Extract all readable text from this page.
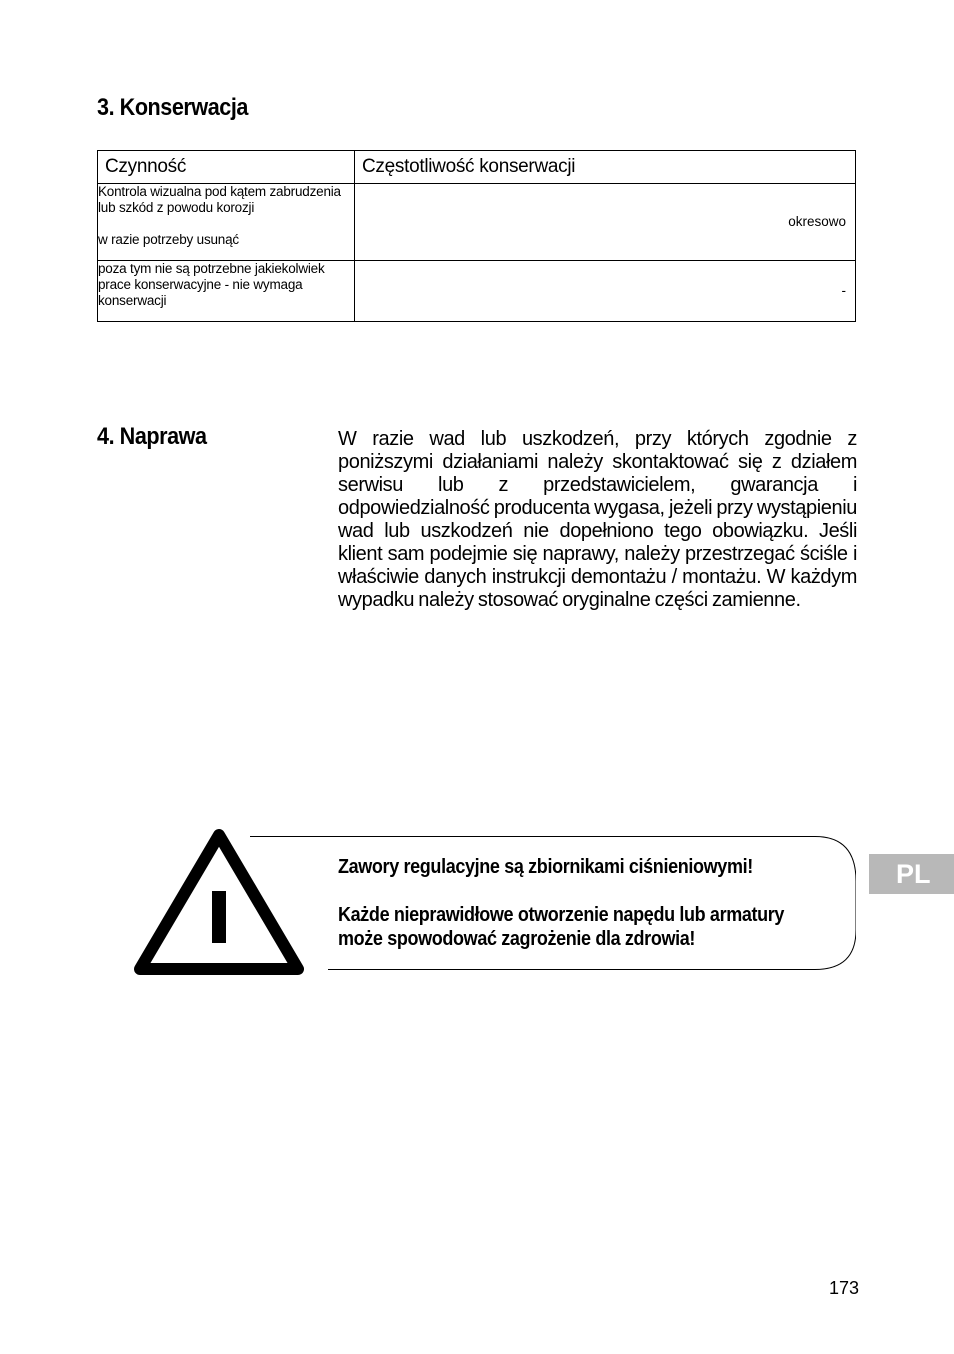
3. Konserwacja
Czynność	Częstotliwość konserwacji

Kontrola wizualna pod kątem zabrudzenia lub szkód z powodu korozji
w razie potrzeby usunąć	okresowo

poza tym nie są potrzebne jakiekolwiek prace konserwacyjne - nie wymaga konserwacji	-
4. Naprawa	W razie wad lub uszkodzeń, przy których zgodnie z poniższymi działaniami należy skontaktować się z działem serwisu lub z przedstawicielem, gwarancja i odpowiedzialność producenta wygasa, jeżeli przy wystąpieniu wad lub uszkodzeń nie dopełniono tego obowiązku. Jeśli klient sam podejmie się naprawy, należy przestrzegać ściśle i właściwie danych instrukcji demontażu / montażu. W każdym wypadku należy stosować oryginalne części zamienne.

Zawory regulacyjne są zbiornikami ciśnieniowymi!

Każde nieprawidłowe otworzenie napędu lub armatury może spowodować zagrożenie dla zdrowia!

PL
173
